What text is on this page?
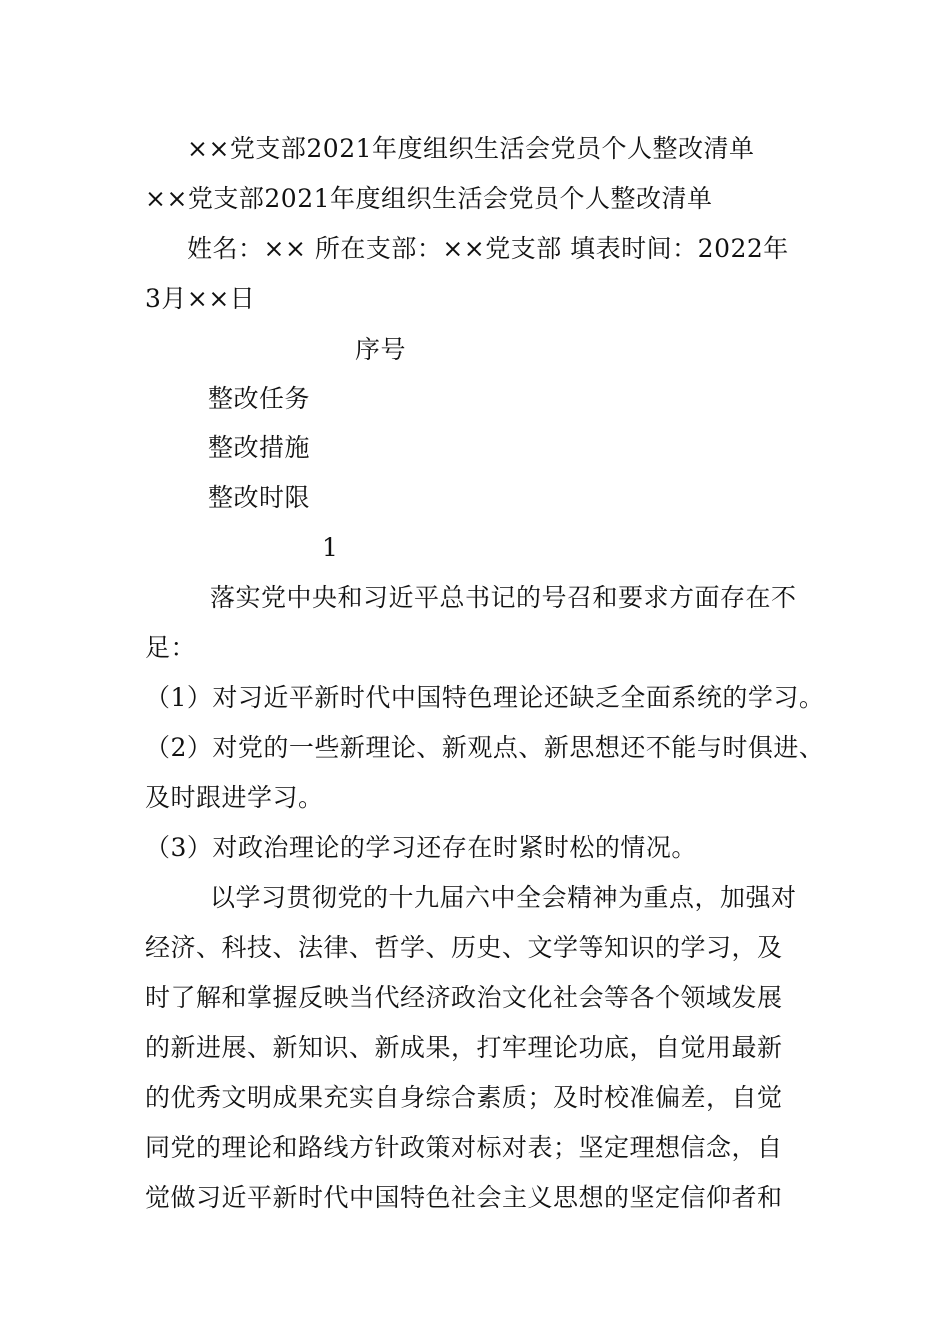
××党支部2021年度组织生活会党员个人整改清单
××党支部2021年度组织生活会党员个人整改清单
姓名：×× 所在支部：××党支部 填表时间：2022年
3月××日
序号
整改任务
整改措施
整改时限
1
落实党中央和习近平总书记的号召和要求方面存在不
足：
（1）对习近平新时代中国特色理论还缺乏全面系统的学习。
（2）对党的一些新理论、新观点、新思想还不能与时俱进、
及时跟进学习。
（3）对政治理论的学习还存在时紧时松的情况。
以学习贯彻党的十九届六中全会精神为重点，加强对
经济、科技、法律、哲学、历史、文学等知识的学习，及
时了解和掌握反映当代经济政治文化社会等各个领域发展
的新进展、新知识、新成果，打牢理论功底，自觉用最新
的优秀文明成果充实自身综合素质；及时校准偏差，自觉
同党的理论和路线方针政策对标对表；坚定理想信念，自
觉做习近平新时代中国特色社会主义思想的坚定信仰者和
